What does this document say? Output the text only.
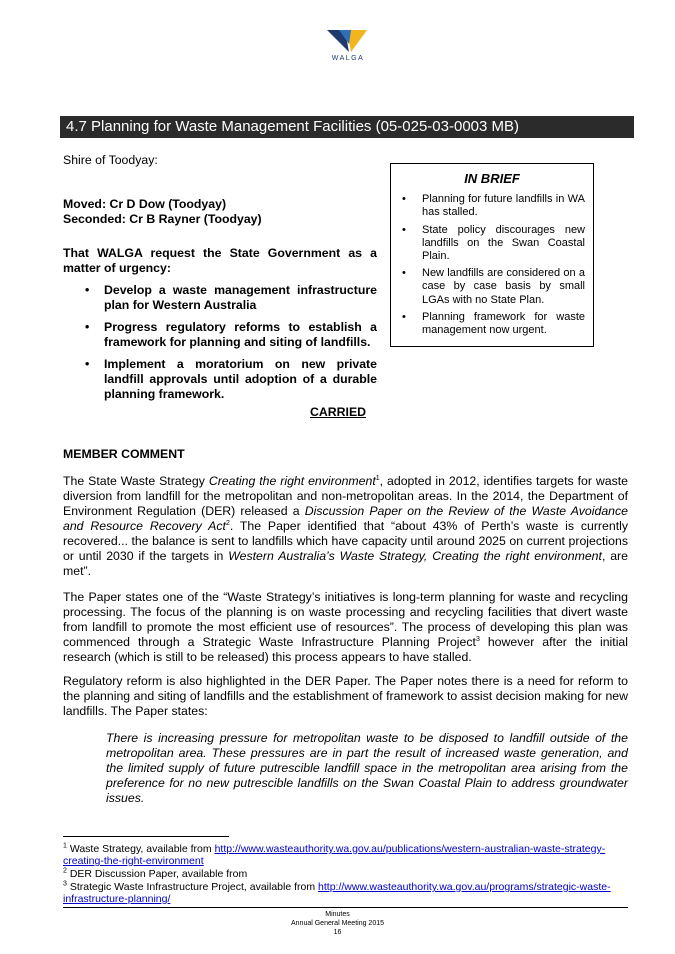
WALGA
4.7 Planning for Waste Management Facilities (05-025-03-0003 MB)

Shire of Toodyay:

Moved: Cr D Dow (Toodyay)

Seconded: Cr B Rayner (Toodyay)

That WALGA request the State Government as a matter of urgency:

• Develop a waste management infrastructure plan for Western Australia
• Progress regulatory reforms to establish a framework for planning and siting of landfills.
• Implement a moratorium on new private landfill approvals until adoption of a durable planning framework.

CARRIED

IN BRIEF
• Planning for future landfills in WA has stalled.
• State policy discourages new landfills on the Swan Coastal Plain.
• New landfills are considered on a case by case basis by small LGAs with no State Plan.
• Planning framework for waste management now urgent.

MEMBER COMMENT

The State Waste Strategy Creating the right environment$^1$, adopted in 2012, identifies targets for waste diversion from landfill for the metropolitan and non-metropolitan areas. In the 2014, the Department of Environment Regulation (DER) released a Discussion Paper on the Review of the Waste Avoidance and Resource Recovery Act$^2$. The Paper identified that “about 43% of Perth’s waste is currently recovered... the balance is sent to landfills which have capacity until around 2025 on current projections or until 2030 if the targets in Western Australia’s Waste Strategy, Creating the right environment, are met”.

The Paper states one of the “Waste Strategy’s initiatives is long-term planning for waste and recycling processing. The focus of the planning is on waste processing and recycling facilities that divert waste from landfill to promote the most efficient use of resources”. The process of developing this plan was commenced through a Strategic Waste Infrastructure Planning Project$^3$ however after the initial research (which is still to be released) this process appears to have stalled.

Regulatory reform is also highlighted in the DER Paper. The Paper notes there is a need for reform to the planning and siting of landfills and the establishment of framework to assist decision making for new landfills. The Paper states:

There is increasing pressure for metropolitan waste to be disposed to landfill outside of the metropolitan area. These pressures are in part the result of increased waste generation, and the limited supply of future putrescible landfill space in the metropolitan area arising from the preference for no new putrescible landfills on the Swan Coastal Plain to address groundwater issues.

$^1$ Waste Strategy, available from http://www.wasteauthority.wa.gov.au/publications/western-australian-waste-strategy-creating-the-right-environment

$^2$ DER Discussion Paper, available from

$^3$ Strategic Waste Infrastructure Project, available from http://www.wasteauthority.wa.gov.au/programs/strategic-waste-infrastructure-planning/

Minutes
Annual General Meeting 2015
16
